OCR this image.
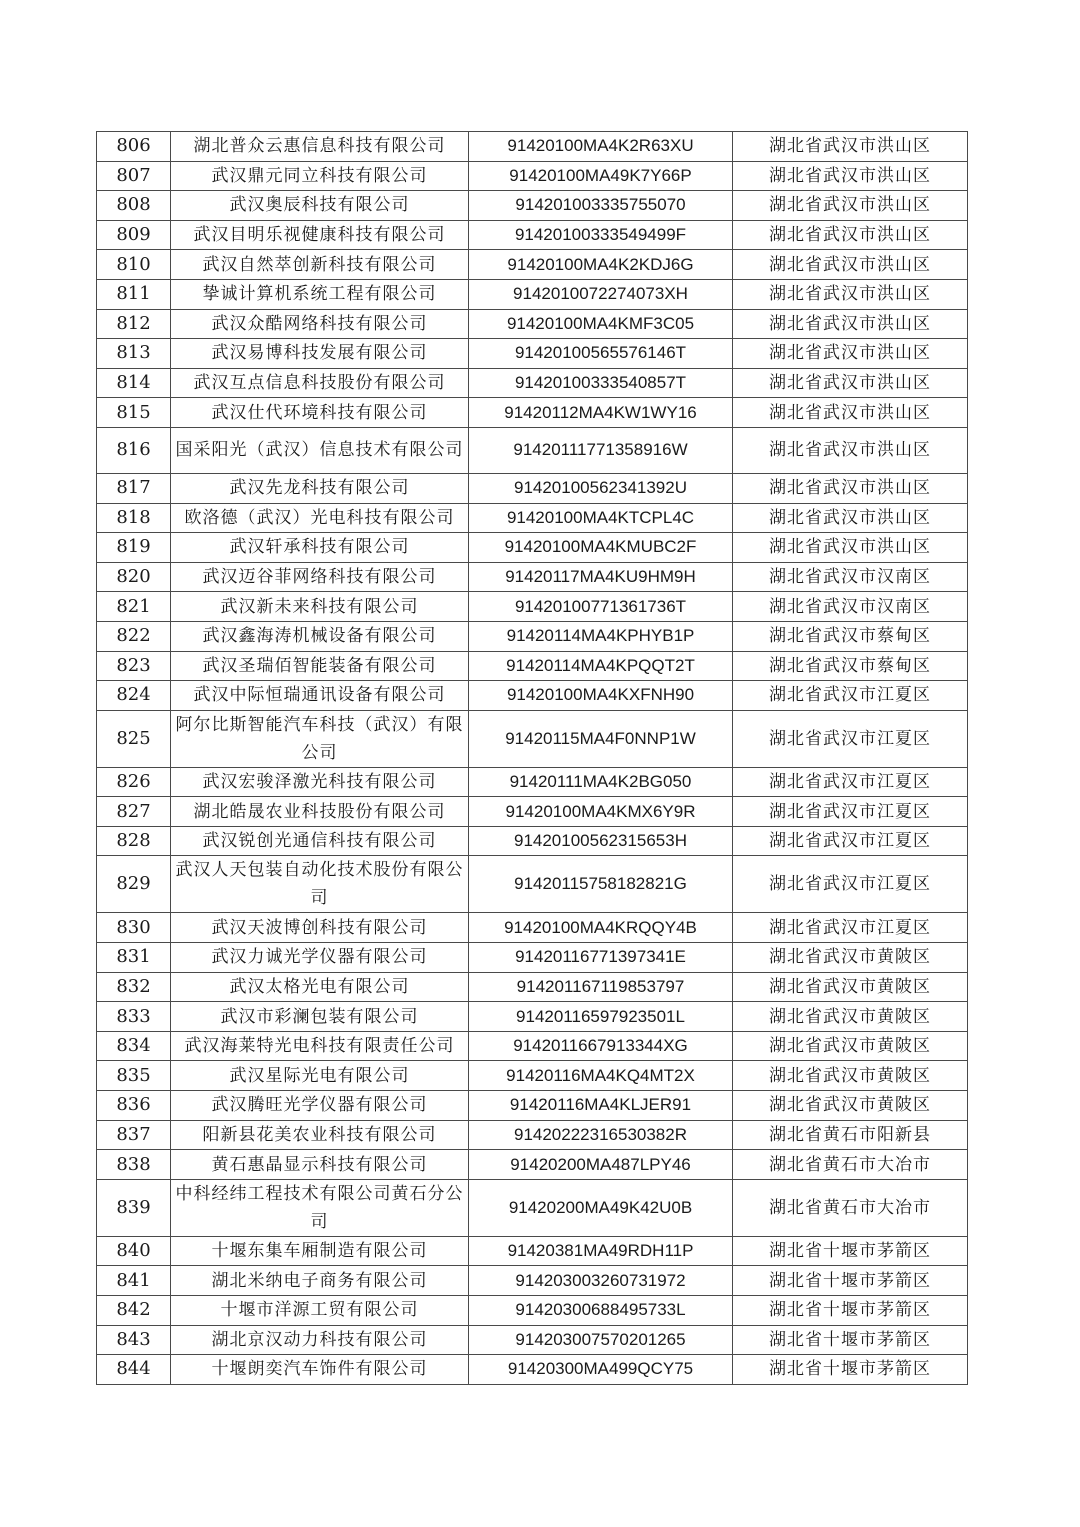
806	湖北普众云惠信息科技有限公司	91420100MA4K2R63XU	湖北省武汉市洪山区
807	武汉鼎元同立科技有限公司	91420100MA49K7Y66P	湖北省武汉市洪山区
808	武汉奥辰科技有限公司	914201003335755070	湖北省武汉市洪山区
809	武汉目明乐视健康科技有限公司	91420100333549499F	湖北省武汉市洪山区
810	武汉自然萃创新科技有限公司	91420100MA4K2KDJ6G	湖北省武汉市洪山区
811	挚诚计算机系统工程有限公司	9142010072274073XH	湖北省武汉市洪山区
812	武汉众酷网络科技有限公司	91420100MA4KMF3C05	湖北省武汉市洪山区
813	武汉易博科技发展有限公司	91420100565576146T	湖北省武汉市洪山区
814	武汉互点信息科技股份有限公司	91420100333540857T	湖北省武汉市洪山区
815	武汉仕代环境科技有限公司	91420112MA4KW1WY16	湖北省武汉市洪山区
816	国采阳光（武汉）信息技术有限公司	91420111771358916W	湖北省武汉市洪山区
817	武汉先龙科技有限公司	91420100562341392U	湖北省武汉市洪山区
818	欧洛德（武汉）光电科技有限公司	91420100MA4KTCPL4C	湖北省武汉市洪山区
819	武汉轩承科技有限公司	91420100MA4KMUBC2F	湖北省武汉市洪山区
820	武汉迈谷菲网络科技有限公司	91420117MA4KU9HM9H	湖北省武汉市汉南区
821	武汉新未来科技有限公司	91420100771361736T	湖北省武汉市汉南区
822	武汉鑫海涛机械设备有限公司	91420114MA4KPHYB1P	湖北省武汉市蔡甸区
823	武汉圣瑞佰智能装备有限公司	91420114MA4KPQQT2T	湖北省武汉市蔡甸区
824	武汉中际恒瑞通讯设备有限公司	91420100MA4KXFNH90	湖北省武汉市江夏区
825	阿尔比斯智能汽车科技（武汉）有限公司	91420115MA4F0NNP1W	湖北省武汉市江夏区
826	武汉宏骏泽激光科技有限公司	91420111MA4K2BG050	湖北省武汉市江夏区
827	湖北皓晟农业科技股份有限公司	91420100MA4KMX6Y9R	湖北省武汉市江夏区
828	武汉锐创光通信科技有限公司	91420100562315653H	湖北省武汉市江夏区
829	武汉人天包装自动化技术股份有限公司	91420115758182821G	湖北省武汉市江夏区
830	武汉天波博创科技有限公司	91420100MA4KRQQY4B	湖北省武汉市江夏区
831	武汉力诚光学仪器有限公司	91420116771397341E	湖北省武汉市黄陂区
832	武汉太格光电有限公司	914201167119853797	湖北省武汉市黄陂区
833	武汉市彩澜包装有限公司	91420116597923501L	湖北省武汉市黄陂区
834	武汉海莱特光电科技有限责任公司	9142011667913344XG	湖北省武汉市黄陂区
835	武汉星际光电有限公司	91420116MA4KQ4MT2X	湖北省武汉市黄陂区
836	武汉腾旺光学仪器有限公司	91420116MA4KLJER91	湖北省武汉市黄陂区
837	阳新县花美农业科技有限公司	91420222316530382R	湖北省黄石市阳新县
838	黄石惠晶显示科技有限公司	91420200MA487LPY46	湖北省黄石市大冶市
839	中科经纬工程技术有限公司黄石分公司	91420200MA49K42U0B	湖北省黄石市大冶市
840	十堰东集车厢制造有限公司	91420381MA49RDH11P	湖北省十堰市茅箭区
841	湖北米纳电子商务有限公司	914203003260731972	湖北省十堰市茅箭区
842	十堰市洋源工贸有限公司	91420300688495733L	湖北省十堰市茅箭区
843	湖北京汉动力科技有限公司	914203007570201265	湖北省十堰市茅箭区
844	十堰朗奕汽车饰件有限公司	91420300MA499QCY75	湖北省十堰市茅箭区
